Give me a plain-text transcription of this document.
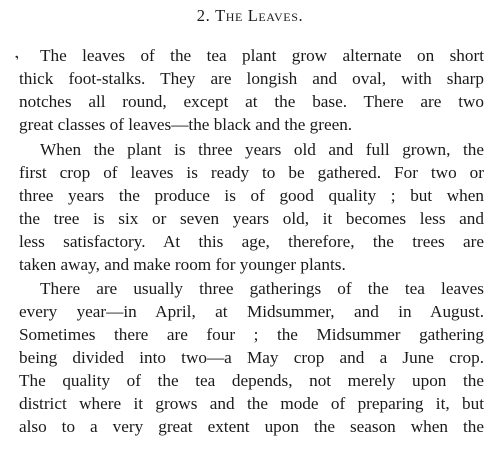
2. The Leaves.
’ The leaves of the tea plant grow alternate on short
thick foot-stalks. They are longish and oval, with sharp
notches all round, except at the base. There are two
great classes of leaves—the black and the green.
When the plant is three years old and full grown, the
first crop of leaves is ready to be gathered. For two or
three years the produce is of good quality ; but when
the tree is six or seven years old, it becomes less and
less satisfactory. At this age, therefore, the trees are
taken away, and make room for younger plants.
There are usually three gatherings of the tea leaves
every year—in April, at Midsummer, and in August.
Sometimes there are four ; the Midsummer gathering
being divided into two—a May crop and a June crop.
The quality of the tea depends, not merely upon the
district where it grows and the mode of preparing it, but
also to a very great extent upon the season when the
